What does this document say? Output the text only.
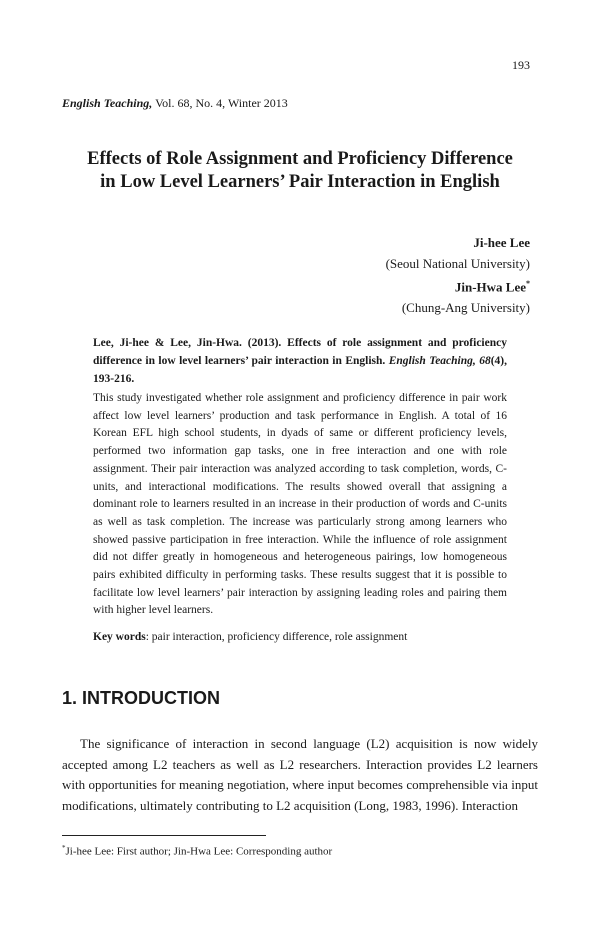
193
English Teaching, Vol. 68, No. 4, Winter 2013
Effects of Role Assignment and Proficiency Difference
in Low Level Learners’ Pair Interaction in English
Ji-hee Lee
(Seoul National University)
Jin-Hwa Lee*
(Chung-Ang University)

Lee, Ji-hee & Lee, Jin-Hwa. (2013). Effects of role assignment and proficiency difference in low level learners’ pair interaction in English. English Teaching, 68(4), 193-216.

This study investigated whether role assignment and proficiency difference in pair work affect low level learners’ production and task performance in English. A total of 16 Korean EFL high school students, in dyads of same or different proficiency levels, performed two information gap tasks, one in free interaction and one with role assignment. Their pair interaction was analyzed according to task completion, words, C-units, and interactional modifications. The results showed overall that assigning a dominant role to learners resulted in an increase in their production of words and C-units as well as task completion. The increase was particularly strong among learners who showed passive participation in free interaction. While the influence of role assignment did not differ greatly in homogeneous and heterogeneous pairings, low homogeneous pairs exhibited difficulty in performing tasks. These results suggest that it is possible to facilitate low level learners’ pair interaction by assigning leading roles and pairing them with higher level learners.

Key words: pair interaction, proficiency difference, role assignment

1. INTRODUCTION

The significance of interaction in second language (L2) acquisition is now widely accepted among L2 teachers as well as L2 researchers. Interaction provides L2 learners with opportunities for meaning negotiation, where input becomes comprehensible via input modifications, ultimately contributing to L2 acquisition (Long, 1983, 1996). Interaction

*Ji-hee Lee: First author; Jin-Hwa Lee: Corresponding author
